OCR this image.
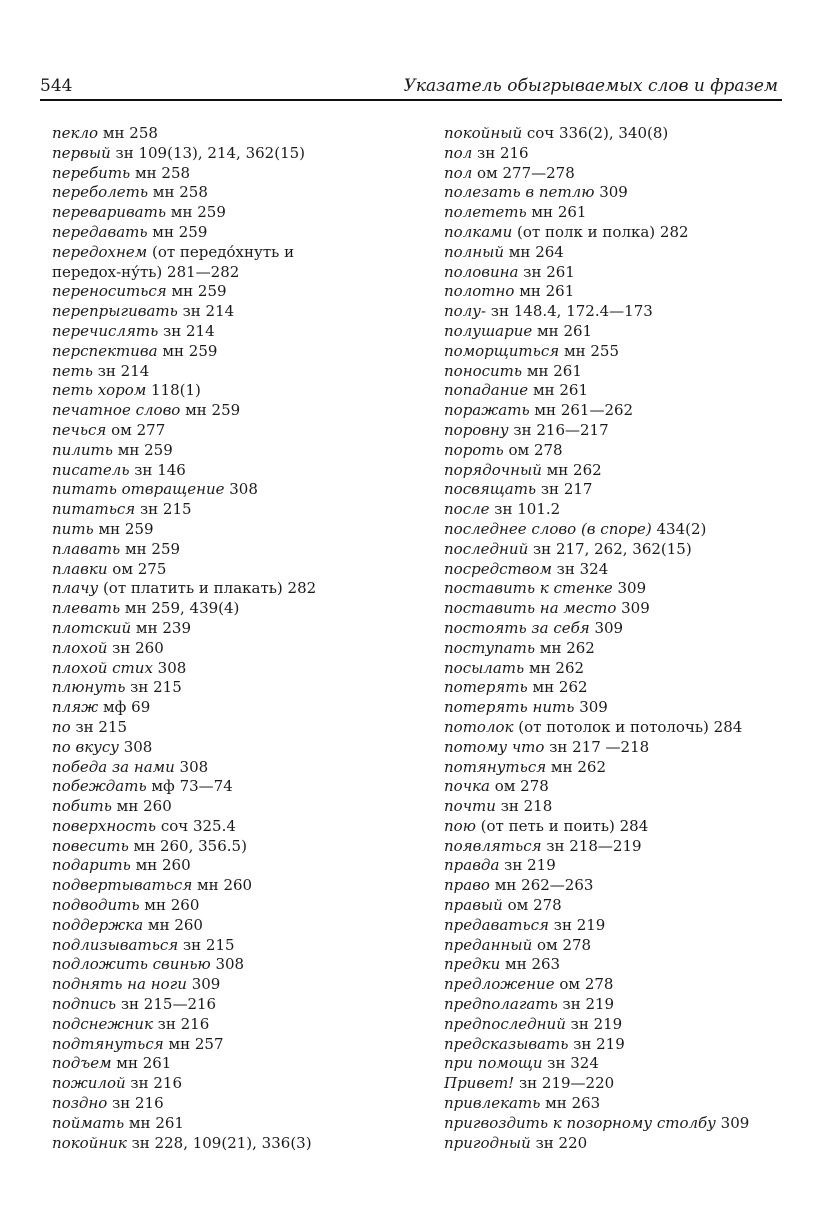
544	Указатель обыгрываемых слов и фразем
пекло мн 258
первый зн 109(13), 214, 362(15)
перебить мн 258
переболеть мн 258
переваривать мн 259
передавать мн 259
передохнем (от передо́хнуть и передох-ну́ть) 281—282
переноситься мн 259
перепрыгивать зн 214
перечислять зн 214
перспектива мн 259
петь зн 214
петь хором 118(1)
печатное слово мн 259
печься ом 277
пилить мн 259
писатель зн 146
питать отвращение 308
питаться зн 215
пить мн 259
плавать мн 259
плавки ом 275
плачу (от платить и плакать) 282
плевать мн 259, 439(4)
плотский мн 239
плохой зн 260
плохой стих 308
плюнуть зн 215
пляж мф 69
по зн 215
по вкусу 308
победа за нами 308
побеждать мф 73—74
побить мн 260
поверхность соч 325.4
повесить мн 260, 356.5)
подарить мн 260
подвертываться мн 260
подводить мн 260
поддержка мн 260
подлизываться зн 215
подложить свинью 308
поднять на ноги 309
подпись зн 215—216
подснежник зн 216
подтянуться мн 257
подъем мн 261
пожилой зн 216
поздно зн 216
поймать мн 261
покойник зн 228, 109(21), 336(3)
покойный соч 336(2), 340(8)
пол зн 216
пол ом 277—278
полезать в петлю 309
полететь мн 261
полками (от полк и полка) 282
полный мн 264
половина зн 261
полотно мн 261
полу- зн 148.4, 172.4—173
полушарие мн 261
поморщиться мн 255
поносить мн 261
попадание мн 261
поражать мн 261—262
поровну зн 216—217
пороть ом 278
порядочный мн 262
посвящать зн 217
после зн 101.2
последнее слово (в споре) 434(2)
последний зн 217, 262, 362(15)
посредством зн 324
поставить к стенке 309
поставить на место 309
постоять за себя 309
поступать мн 262
посылать мн 262
потерять мн 262
потерять нить 309
потолок (от потолок и потолочь) 284
потому что зн 217 —218
потянуться мн 262
почка ом 278
почти зн 218
пою (от петь и поить) 284
появляться зн 218—219
правда зн 219
право мн 262—263
правый ом 278
предаваться зн 219
преданный ом 278
предки мн 263
предложение ом 278
предполагать зн 219
предпоследний зн 219
предсказывать зн 219
при помощи зн 324
Привет! зн 219—220
привлекать мн 263
пригвоздить к позорному столбу 309
пригодный зн 220
